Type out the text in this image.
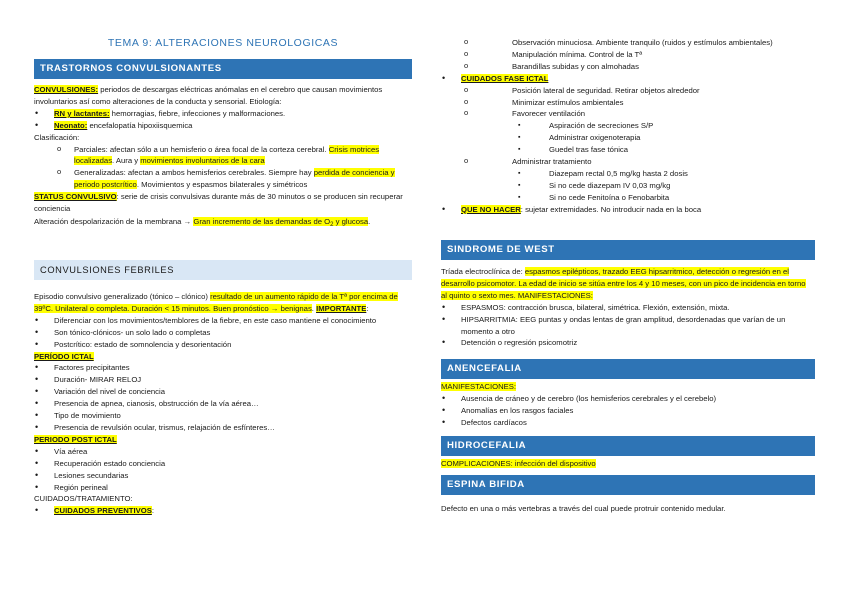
TEMA 9: ALTERACIONES NEUROLOGICAS
TRASTORNOS CONVULSIONANTES

CONVULSIONES: periodos de descargas eléctricas anómalas en el cerebro que causan movimientos involuntarios así como alteraciones de la conducta y sensorial. Etiología:

• RN y lactantes: hemorragias, fiebre, infecciones y malformaciones.
• Neonato: encefalopatía hipoxiisquemica

Clasificación:

o Parciales: afectan sólo a un hemisferio o área focal de la corteza cerebral. Crisis motrices localizadas. Aura y movimientos involuntarios de la cara
o Generalizadas: afectan a ambos hemisferios cerebrales. Siempre hay perdida de conciencia y periodo postcrítico. Movimientos y espasmos bilaterales y simétricos

STATUS CONVULSIVO: serie de crisis convulsivas durante más de 30 minutos o se producen sin recuperar conciencia

Alteración despolarización de la membrana → Gran incremento de las demandas de $O_2$ y glucosa.

CONVULSIONES FEBRILES

Episodio convulsivo generalizado (tónico – clónico) resultado de un aumento rápido de la Tª por encima de 39ºC. Unilateral o completa. Duración < 15 minutos. Buen pronóstico → benignas. IMPORTANTE:

• Diferenciar con los movimientos/temblores de la fiebre, en este caso mantiene el conocimiento
• Son tónico-clónicos- un solo lado o completas
• Postcrítico: estado de somnolencia y desorientación

PERÍODO ICTAL

• Factores precipitantes
• Duración- MIRAR RELOJ
• Variación del nivel de conciencia
• Presencia de apnea, cianosis, obstrucción de la vía aérea…
• Tipo de movimiento
• Presencia de revulsión ocular, trismus, relajación de esfínteres…

PERIODO POST ICTAL

• Vía aérea
• Recuperación estado conciencia
• Lesiones secundarias
• Región perineal

CUIDADOS/TRATAMIENTO:

• CUIDADOS PREVENTIVOS:
o Observación minuciosa. Ambiente tranquilo (ruidos y estímulos ambientales)
o Manipulación mínima. Control de la Tª
o Barandillas subidas y con almohadas
• CUIDADOS FASE ICTAL
o Posición lateral de seguridad. Retirar objetos alrededor
o Minimizar estímulos ambientales
o Favorecer ventilación
▪ Aspiración de secreciones S/P
▪ Administrar oxigenoterapia
▪ Guedel tras fase tónica
o Administrar tratamiento
▪ Diazepam rectal 0,5 mg/kg hasta 2 dosis
▪ Si no cede diazepam IV 0,03 mg/kg
▪ Si no cede Fenitoína o Fenobarbita
• QUE NO HACER: sujetar extremidades. No introducir nada en la boca
SINDROME DE WEST

Tríada electroclínica de: espasmos epilépticos, trazado EEG hipsarritmico, detección o regresión en el desarrollo psicomotor. La edad de inicio se sitúa entre los 4 y 10 meses, con un pico de incidencia en torno al quinto o sexto mes. MANIFESTACIONES:

• ESPASMOS: contracción brusca, bilateral, simétrica. Flexión, extensión, mixta.
• HIPSARRITMIA: EEG puntas y ondas lentas de gran amplitud, desordenadas que varían de un momento a otro
• Detención o regresión psicomotriz
ANENCEFALIA

MANIFESTACIONES:

• Ausencia de cráneo y de cerebro (los hemisferios cerebrales y el cerebelo)
• Anomalías en los rasgos faciales
• Defectos cardíacos
HIDROCEFALIA

COMPLICACIONES: infección del dispositivo

ESPINA BIFIDA

Defecto en una o más vertebras a través del cual puede protruir contenido medular.
